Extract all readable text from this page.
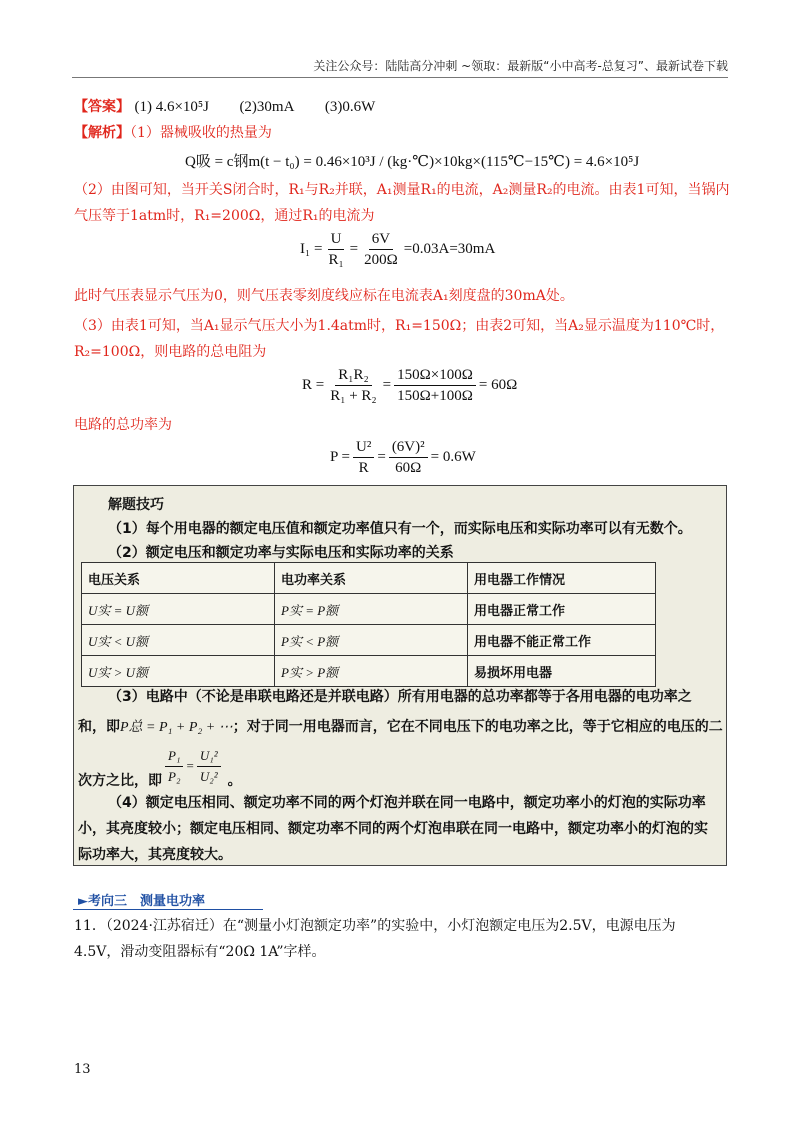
关注公众号：陆陆高分冲刺 ~领取：最新版“小中高考-总复习”、最新试卷下载
【答案】 (1) 4.6×10⁵J (2)30mA (3)0.6W
【解析】（1）器械吸收的热量为
Q吸 = c钢m(t − t₀) = 0.46×10³J / (kg·℃)×10kg×(115℃−15℃) = 4.6×10⁵J
（2）由图可知，当开关S闭合时，R₁与R₂并联，A₁测量R₁的电流，A₂测量R₂的电流。由表1可知，当锅内
气压等于1atm时，R₁=200Ω，通过R₁的电流为
$I_1 = \frac{U}{\text{R₁}} = \frac{6V}{200\Omega} =0.03A=30mA$
此时气压表显示气压为0，则气压表零刻度线应标在电流表A₁刻度盘的30mA处。
（3）由表1可知，当A₁显示气压大小为1.4atm时，R₁=150Ω；由表2可知，当A₂显示温度为110℃时，
R₂=100Ω，则电路的总电阻为
$R = \frac{\text{R₁R₂}}{\text{R₁ + R₂}} = \frac{150\Omega\times 100\Omega}{150\Omega+100\Omega} = 60\Omega$
电路的总功率为
$P = \frac{\text{U²}}{R} = \frac{\text{(6V)²}}{60\Omega} = 0.6W$
解题技巧
（1）每个用电器的额定电压值和额定功率值只有一个，而实际电压和实际功率可以有无数个。
（2）额定电压和额定功率与实际电压和实际功率的关系
电压关系	电功率关系	用电器工作情况
U实 = U额	P实 = P额	用电器正常工作
U实 < U额	P实 < P额	用电器不能正常工作
U实 > U额	P实 > P额	易损坏用电器
（3）电路中（不论是串联电路还是并联电路）所有用电器的总功率都等于各用电器的电功率之
和，即P总 = P₁ + P₂ + ⋯；对于同一用电器而言，它在不同电压下的电功率之比，等于它相应的电压的二
次方之比，即 $\frac{\text{P₁}}{\text{P₂}} = \frac{\text{U₁²}}{\text{U₂²}}$ 。
（4）额定电压相同、额定功率不同的两个灯泡并联在同一电路中，额定功率小的灯泡的实际功率
小，其亮度较小；额定电压相同、额定功率不同的两个灯泡串联在同一电路中，额定功率小的灯泡的实
际功率大，其亮度较大。
►考向三　测量电功率
11．（2024·江苏宿迁）在“测量小灯泡额定功率”的实验中，小灯泡额定电压为2.5V，电源电压为
4.5V，滑动变阻器标有“20Ω 1A”字样。
13
